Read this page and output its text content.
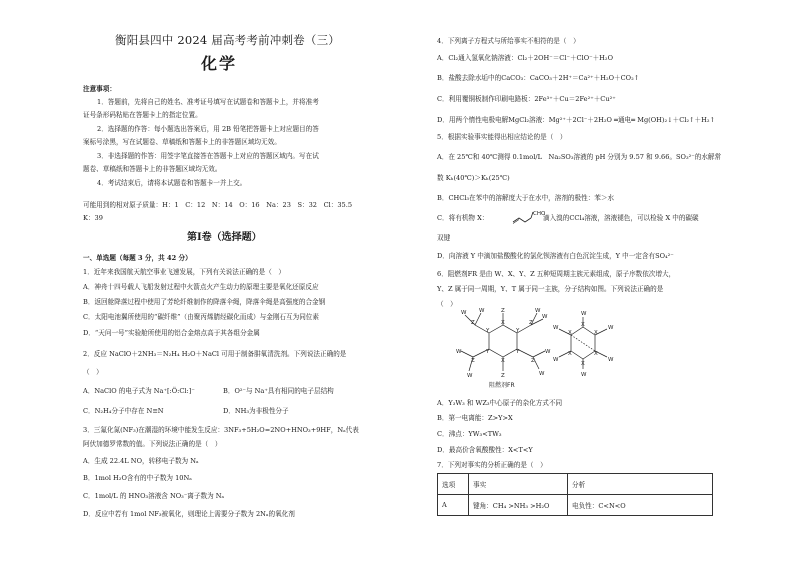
衡阳县四中 2024 届高考考前冲刺卷（三）
化学
注意事项：
1．答题前，先将自己的姓名、准考证号填写在试题卷和答题卡上，并将准考
证号条形码粘贴在答题卡上的指定位置。
2．选择题的作答：每小题选出答案后，用 2B 铅笔把答题卡上对应题目的答
案标号涂黑，写在试题卷、草稿纸和答题卡上的非答题区域均无效。
3．非选择题的作答：用签字笔直接答在答题卡上对应的答题区域内。写在试
题卷、草稿纸和答题卡上的非答题区域均无效。
4．考试结束后，请将本试题卷和答题卡一并上交。
可能用到的相对原子质量：H：1　C：12　N：14　O：16　Na：23　S：32　Cl：35.5
K：39
第Ⅰ卷（选择题）
一、单选题（每题 3 分，共 42 分）
1．近年来我国航天航空事业飞速发展，下列有关说法正确的是（　）
A．神舟十四号载人飞船发射过程中火箭点火产生动力的原理主要是氧化还原反应
B．返回舱降落过程中使用了芳纶纤维制作的降落伞绳，降落伞绳是高强度的合金钢
C．太阳电池翼所使用的“碳纤维”（由聚丙烯腈经碳化而成）与金刚石互为同位素
D．“天问一号”实验舱所使用的铝合金熔点高于其各组分金属
2．反应 NaClO＋2NH₃＝N₂H₄ H₂O＋NaCl 可用于制备肼氧清洗剂。下列说法正确的是
（　）
A．NaClO 的电子式为 Na⁺[:Ö:Cl:]⁻	B．O²⁻与 Na⁺具有相同的电子层结构
C．N₂H₄分子中存在 N≡N	D．NH₃为非极性分子
3．三氟化氮(NF₃)在潮湿的环境中能发生反应：3NF₃+5H₂O=2NO+HNO₃+9HF，Nₐ代表
阿伏加德罗常数的值。下列说法正确的是（　）
A．生成 22.4L NO，转移电子数为 Nₐ
B．1mol H₂O含有的中子数为 10Nₐ
C．1mol/L 的 HNO₃溶液含 NO₃⁻离子数为 Nₐ
D．反应中若有 1mol NF₃被氧化，则理论上需要分子数为 2Nₐ的氧化剂
4．下列离子方程式与所给事实不相符的是（　）
A．Cl₂通入氢氧化钠溶液：Cl₂＋2OH⁻＝Cl⁻＋ClO⁻＋H₂O
B．盐酸去除水垢中的CaCO₃：CaCO₃＋2H⁺＝Ca²⁺＋H₂O＋CO₂↑
C．利用覆铜板制作印刷电路板：2Fe³⁺＋Cu＝2Fe²⁺＋Cu²⁺
D．用两个惰性电极电解MgCl₂溶液：Mg²⁺＋2Cl⁻＋2H₂O ═通电═ Mg(OH)₂↓＋Cl₂↑＋H₂↑
5．根据实验事实能得出相应结论的是（　）
A．在 25℃和 40℃测得 0.1mol/L　Na₂SO₃溶液的 pH 分别为 9.57 和 9.66。SO₃²⁻的水解常
数 Kₕ(40℃)＞Kₕ(25℃)
B．CHCl₃在苯中的溶解度大于在水中，溶剂的极性：苯＞水
C．将有机物 X：	CHO
滴入溴的CCl₄溶液，溶液褪色，可以检验 X 中的碳碳
双键
D．向溶液 Y 中滴加盐酸酸化的氯化钡溶液有白色沉淀生成，Y 中一定含有SO₄²⁻
6．阻燃剂FR 是由 W、X、Y、Z 五种短周期主族元素组成，原子序数依次增大，
Y、Z 属于同一周期，Y、T 属于同一主族，分子结构如图。下列说法正确的是
（　）
W W	Z	W
W
Y
X
Y
Y
X
Y
Z	Z
Z	Z
W
W
W
W
Z
W
X
X
X
X
X
X
W	W
W	W
W
阻燃剂FR
A．Y₃W₃ 和 WZ₃中心原子的杂化方式不同
B．第一电离能：Z>Y>X
C．沸点：YW₃<TW₃
D．最高价含氧酸酸性：X<T<Y
7．下列对事实的分析正确的是（　）
选项	事实	分析
A	键角：CH₄ >NH₃ >H₂O	电负性：C<N<O
